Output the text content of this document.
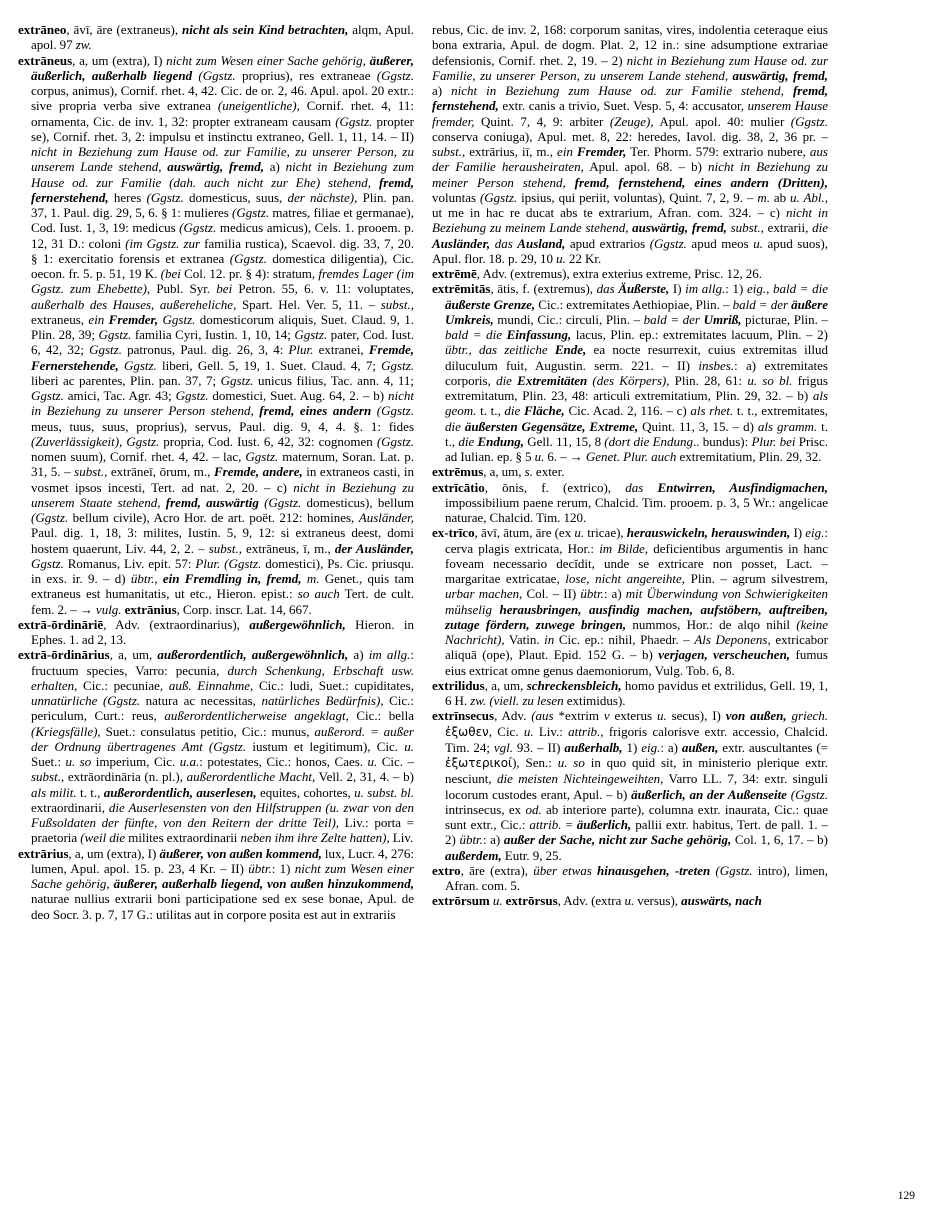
extrāneo, āvī, āre (extraneus), nicht als sein Kind betrachten, alqm, Apul. apol. 97 zw.

extrāneus, a, um (extra), I) nicht zum Wesen einer Sache gehörig, äußerer, äußerlich, außerhalb liegend (Ggstz. proprius), res extraneae (Ggstz. corpus, animus), Cornif. rhet. 4, 42. Cic. de or. 2, 46. Apul. apol. 20 extr.: sive propria verba sive extranea (uneigentliche), Cornif. rhet. 4, 11: ornamenta, Cic. de inv. 1, 32: propter extraneam causam (Ggstz. propter se), Cornif. rhet. 3, 2: impulsu et instinctu extraneo, Gell. 1, 11, 14. – II) nicht in Beziehung zum Hause od. zur Familie, zu unserer Person, zu unserem Lande stehend, auswärtig, fremd, a) nicht in Beziehung zum Hause od. zur Familie (dah. auch nicht zur Ehe) stehend, fremd, fernerstehend, heres (Ggstz. domesticus, suus, der nächste), Plin. pan. 37, 1. Paul. dig. 29, 5, 6. § 1: mulieres (Ggstz. matres, filiae et germanae), Cod. Iust. 1, 3, 19: medicus (Ggstz. medicus amicus), Cels. 1. prooem. p. 12, 31 D.: coloni (im Ggstz. zur familia rustica), Scaevol. dig. 33, 7, 20. § 1: exercitatio forensis et extranea (Ggstz. domestica diligentia), Cic. oecon. fr. 5. p. 51, 19 K. (bei Col. 12. pr. § 4): stratum, fremdes Lager (im Ggstz. zum Ehebette), Publ. Syr. bei Petron. 55, 6. v. 11: voluptates, außerhalb des Hauses, außereheliche, Spart. Hel. Ver. 5, 11. – subst., extraneus, ein Fremder, Ggstz. domesticorum aliquis, Suet. Claud. 9, 1. Plin. 28, 39; Ggstz. familia Cyri, Iustin. 1, 10, 14; Ggstz. pater, Cod. Iust. 6, 42, 32; Ggstz. patronus, Paul. dig. 26, 3, 4: Plur. extranei, Fremde, Fernerstehende, Ggstz. liberi, Gell. 5, 19, 1. Suet. Claud. 4, 7; Ggstz. liberi ac parentes, Plin. pan. 37, 7; Ggstz. unicus filius, Tac. ann. 4, 11; Ggstz. amici, Tac. Agr. 43; Ggstz. domestici, Suet. Aug. 64, 2. – b) nicht in Beziehung zu unserer Person stehend, fremd, eines andern (Ggstz. meus, tuus, suus, proprius), servus, Paul. dig. 9, 4, 4. §. 1: fides (Zuverlässigkeit), Ggstz. propria, Cod. Iust. 6, 42, 32: cognomen (Ggstz. nomen suum), Cornif. rhet. 4, 42. – lac, Ggstz. maternum, Soran. Lat. p. 31, 5. – subst., extrāneī, ōrum, m., Fremde, andere, in extraneos casti, in vosmet ipsos incesti, Tert. ad nat. 2, 20. – c) nicht in Beziehung zu unserem Staate stehend, fremd, auswärtig (Ggstz. domesticus), bellum (Ggstz. bellum civile), Acro Hor. de art. poët. 212: homines, Ausländer, Paul. dig. 1, 18, 3: milites, Iustin. 5, 9, 12: si extraneus deest, domi hostem quaerunt, Liv. 44, 2, 2. – subst., extrāneus, ī, m., der Ausländer, Ggstz. Romanus, Liv. epit. 57: Plur. (Ggstz. domestici), Ps. Cic. priusqu. in exs. ir. 9. – d) übtr., ein Fremdling in, fremd, m. Genet., quis tam extraneus est humanitatis, ut etc., Hieron. epist.: so auch Tert. de cult. fem. 2. – → vulg. extrānius, Corp. inscr. Lat. 14, 667.

extrā-ōrdināriē, Adv. (extraordinarius), außergewöhnlich, Hieron. in Ephes. 1. ad 2, 13.

extrā-ōrdinārius, a, um, außerordentlich, außergewöhnlich, a) im allg.: fructuum species, Varro: pecunia, durch Schenkung, Erbschaft usw. erhalten, Cic.: pecuniae, auß. Einnahme, Cic.: ludi, Suet.: cupiditates, unnatürliche (Ggstz. natura ac necessitas, natürliches Bedürfnis), Cic.: periculum, Curt.: reus, außerordentlicherweise angeklagt, Cic.: bella (Kriegsfälle), Suet.: consulatus petitio, Cic.: munus, außerord. = außer der Ordnung übertragenes Amt (Ggstz. iustum et legitimum), Cic. u. Suet.: u. so imperium, Cic. u.a.: potestates, Cic.: honos, Caes. u. Cic. – subst., extrāordināria (n. pl.), außerordentliche Macht, Vell. 2, 31, 4. – b) als milit. t. t., außerordentlich, auserlesen, equites, cohortes, u. subst. bl. extraordinarii, die Auserlesensten von den Hilfstruppen (u. zwar von den Fußsoldaten der fünfte, von den Reitern der dritte Teil), Liv.: porta = praetoria (weil die milites extraordinarii neben ihm ihre Zelte hatten), Liv.

extrārius, a, um (extra), I) äußerer, von außen kommend, lux, Lucr. 4, 276: lumen, Apul. apol. 15. p. 23, 4 Kr. – II) übtr.: 1) nicht zum Wesen einer Sache gehörig, äußerer, außerhalb liegend, von außen hinzukommend, naturae nullius extrarii boni participatione sed ex sese bonae, Apul. de deo Socr. 3. p. 7, 17 G.: utilitas aut in corpore posita est aut in extrariis

rebus, Cic. de inv. 2, 168: corporum sanitas, vires, indolentia ceteraque eius bona extraria, Apul. de dogm. Plat. 2, 12 in.: sine adsumptione extrariae defensionis, Cornif. rhet. 2, 19. – 2) nicht in Beziehung zum Hause od. zur Familie, zu unserer Person, zu unserem Lande stehend, auswärtig, fremd, a) nicht in Beziehung zum Hause od. zur Familie stehend, fremd, fernstehend, extr. canis a trivio, Suet. Vesp. 5, 4: accusator, unserem Hause fremder, Quint. 7, 4, 9: arbiter (Zeuge), Apul. apol. 40: mulier (Ggstz. conserva coniuga), Apul. met. 8, 22: heredes, Iavol. dig. 38, 2, 36 pr. – subst., extrārius, iī, m., ein Fremder, Ter. Phorm. 579: extrario nubere, aus der Familie herausheiraten, Apul. apol. 68. – b) nicht in Beziehung zu meiner Person stehend, fremd, fernstehend, eines andern (Dritten), voluntas (Ggstz. ipsius, qui periit, voluntas), Quint. 7, 2, 9. – m. ab u. Abl., ut me in hac re ducat abs te extrarium, Afran. com. 324. – c) nicht in Beziehung zu meinem Lande stehend, auswärtig, fremd, subst., extrarii, die Ausländer, das Ausland, apud extrarios (Ggstz. apud meos u. apud suos), Apul. flor. 18. p. 29, 10 u. 22 Kr.

extrēmē, Adv. (extremus), extra exterius extreme, Prisc. 12, 26.

extrēmitās, ātis, f. (extremus), das Äußerste, I) im allg.: 1) eig., bald = die äußerste Grenze, Cic.: extremitates Aethiopiae, Plin. – bald = der äußere Umkreis, mundi, Cic.: circuli, Plin. – bald = der Umriß, picturae, Plin. – bald = die Einfassung, lacus, Plin. ep.: extremitates lacuum, Plin. – 2) übtr., das zeitliche Ende, ea nocte resurrexit, cuius extremitas illud diluculum fuit, Augustin. serm. 221. – II) insbes.: a) extremitates corporis, die Extremitäten (des Körpers), Plin. 28, 61: u. so bl. frigus extremitatum, Plin. 23, 48: articuli extremitatium, Plin. 29, 32. – b) als geom. t. t., die Fläche, Cic. Acad. 2, 116. – c) als rhet. t. t., extremitates, die äußersten Gegensätze, Extreme, Quint. 11, 3, 15. – d) als gramm. t. t., die Endung, Gell. 11, 15, 8 (dort die Endung.. bundus): Plur. bei Prisc. ad Iulian. ep. § 5 u. 6. – → Genet. Plur. auch extremitatium, Plin. 29, 32.

extrēmus, a, um, s. exter.

extrīcātio, ōnis, f. (extrico), das Entwirren, Ausfindigmachen, impossibilium paene rerum, Chalcid. Tim. prooem. p. 3, 5 Wr.: angelicae naturae, Chalcid. Tim. 120.

ex-trīco, āvī, ātum, āre (ex u. tricae), herauswickeln, herauswinden, I) eig.: cerva plagis extricata, Hor.: im Bilde, deficientibus argumentis in hanc foveam necessario decĭdit, unde se extricare non posset, Lact. – margaritae extricatae, lose, nicht angereihte, Plin. – agrum silvestrem, urbar machen, Col. – II) übtr.: a) mit Überwindung von Schwierigkeiten mühselig herausbringen, ausfindig machen, aufstöbern, auftreiben, zutage fördern, zuwege bringen, nummos, Hor.: de alqo nihil (keine Nachricht), Vatin. in Cic. ep.: nihil, Phaedr. – Als Deponens, extricabor aliquā (ope), Plaut. Epid. 152 G. – b) verjagen, verscheuchen, fumus eius extricat omne genus daemoniorum, Vulg. Tob. 6, 8.

extrilidus, a, um, schreckensbleich, homo pavidus et extrilidus, Gell. 19, 1, 6 H. zw. (viell. zu lesen extimidus).

extrīnsecus, Adv. (aus *extrim v exterus u. secus), I) von außen, griech. ἐξωθεν, Cic. u. Liv.: attrib., frigoris calorisve extr. accessio, Chalcid. Tim. 24; vgl. 93. – II) außerhalb, 1) eig.: a) außen, extr. auscultantes (= ἐξωτερικοί), Sen.: u. so in quo quid sit, in ministerio plerique extr. nesciunt, die meisten Nichteingeweihten, Varro LL. 7, 34: extr. singuli locorum custodes erant, Apul. – b) äußerlich, an der Außenseite (Ggstz. intrinsecus, ex od. ab interiore parte), columna extr. inaurata, Cic.: quae sunt extr., Cic.: attrib. = äußerlich, pallii extr. habitus, Tert. de pall. 1. – 2) übtr.: a) außer der Sache, nicht zur Sache gehörig, Col. 1, 6, 17. – b) außerdem, Eutr. 9, 25.

extro, āre (extra), über etwas hinausgehen, -treten (Ggstz. intro), limen, Afran. com. 5.

extrōrsum u. extrōrsus, Adv. (extra u. versus), auswärts, nach

129
